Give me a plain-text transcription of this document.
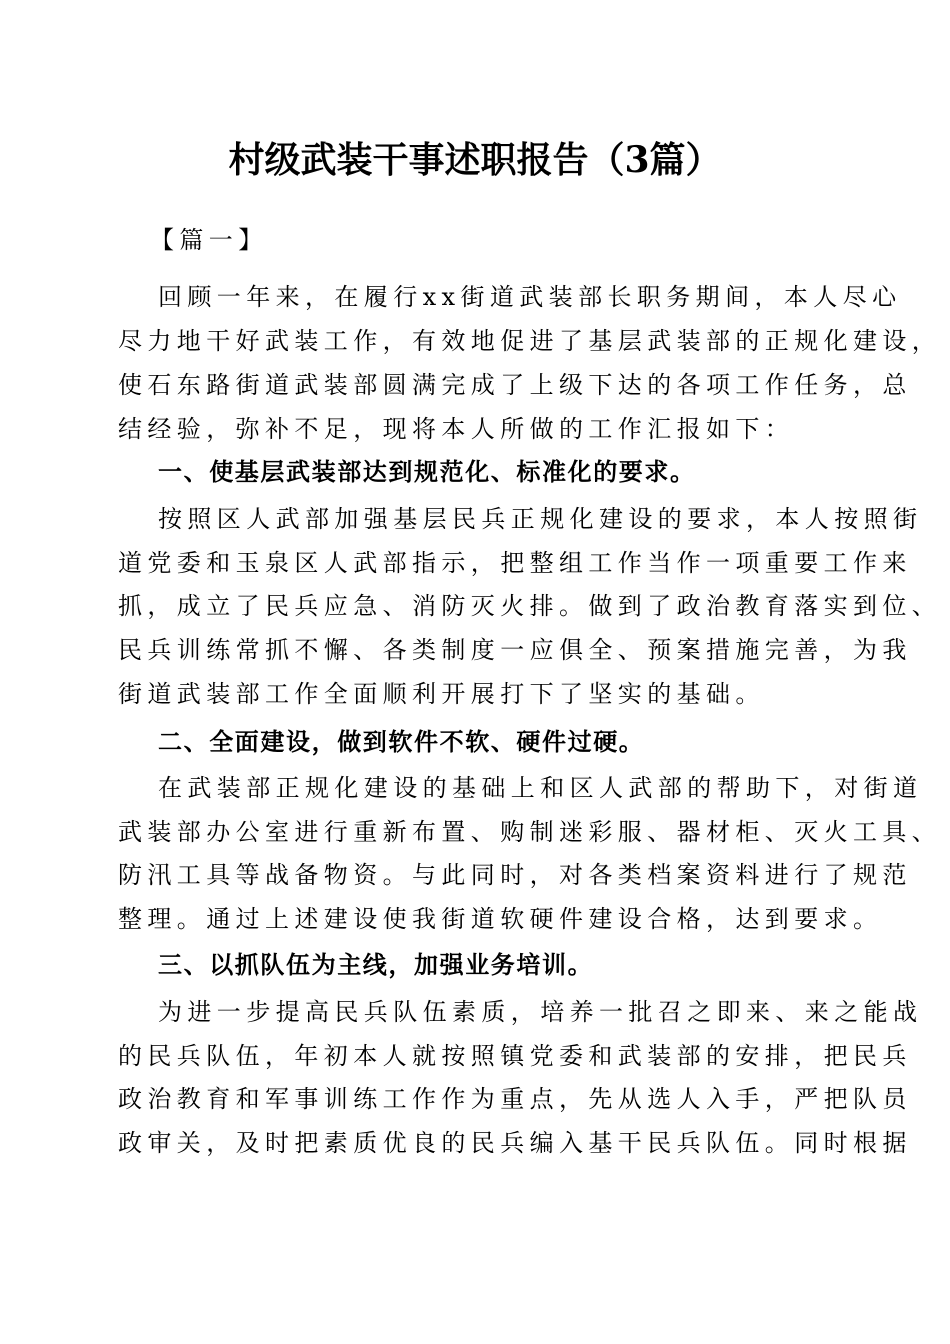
村级武装干事述职报告（3篇）
【篇一】
回顾一年来，在履行xx街道武装部长职务期间，本人尽心
尽力地干好武装工作，有效地促进了基层武装部的正规化建设，
使石东路街道武装部圆满完成了上级下达的各项工作任务，总
结经验，弥补不足，现将本人所做的工作汇报如下：
一、使基层武装部达到规范化、标准化的要求。
按照区人武部加强基层民兵正规化建设的要求，本人按照街
道党委和玉泉区人武部指示，把整组工作当作一项重要工作来
抓，成立了民兵应急、消防灭火排。做到了政治教育落实到位、
民兵训练常抓不懈、各类制度一应俱全、预案措施完善，为我
街道武装部工作全面顺利开展打下了坚实的基础。
二、全面建设，做到软件不软、硬件过硬。
在武装部正规化建设的基础上和区人武部的帮助下，对街道
武装部办公室进行重新布置、购制迷彩服、器材柜、灭火工具、
防汛工具等战备物资。与此同时，对各类档案资料进行了规范
整理。通过上述建设使我街道软硬件建设合格，达到要求。
三、以抓队伍为主线，加强业务培训。
为进一步提高民兵队伍素质，培养一批召之即来、来之能战
的民兵队伍，年初本人就按照镇党委和武装部的安排，把民兵
政治教育和军事训练工作作为重点，先从选人入手，严把队员
政审关，及时把素质优良的民兵编入基干民兵队伍。同时根据
